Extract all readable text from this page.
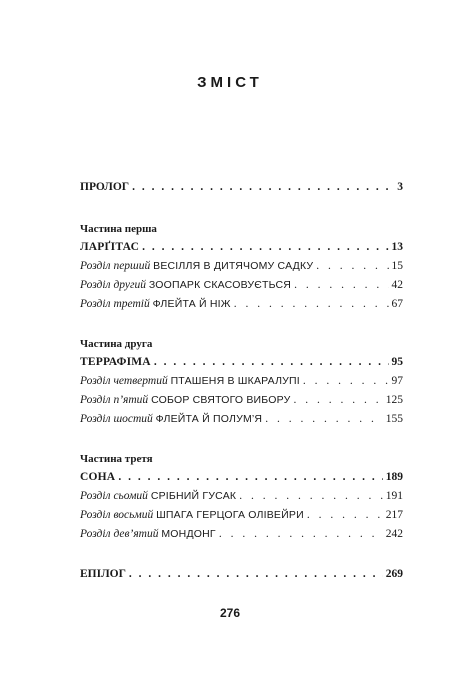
ЗМІСТ
ПРОЛОГ . . .	3
Частина перша
ЛАРҐІТАС . . .	13
Розділ перший ВЕСІЛЛЯ В ДИТЯЧОМУ САДКУ . . .	15
Розділ другий ЗООПАРК СКАСОВУЄТЬСЯ . . .	42
Розділ третій ФЛЕЙТА Й НІЖ . . .	67
Частина друга
ТЕРРАФІМА . . .	95
Розділ четвертий ПТАШЕНЯ В ШКАРАЛУПІ . . .	97
Розділ п’ятий СОБОР СВЯТОГО ВИБОРУ . . .	125
Розділ шостий ФЛЕЙТА Й ПОЛУМ’Я . . .	155
Частина третя
СОНА . . .	189
Розділ сьомий СРІБНИЙ ГУСАК . . .	191
Розділ восьмий ШПАГА ГЕРЦОГА ОЛІВЕЙРИ . . .	217
Розділ дев’ятий МОНДОНГ . . .	242
ЕПІЛОГ . . .	269
276
